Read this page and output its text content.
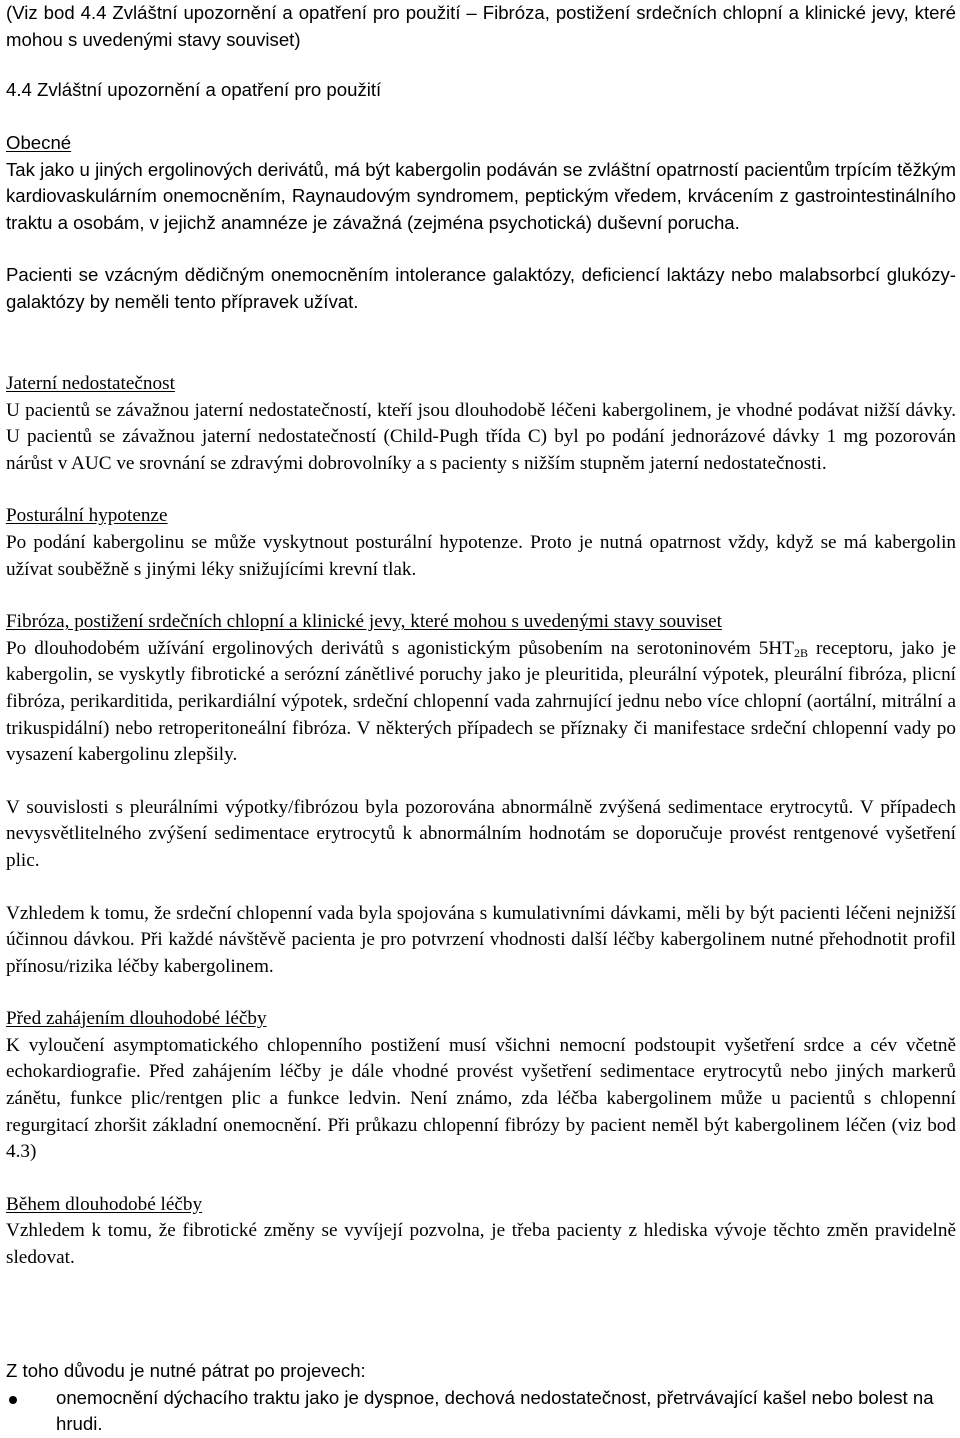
(Viz bod 4.4 Zvláštní upozornění a opatření pro použití – Fibróza, postižení srdečních chlopní a klinické jevy, které mohou s uvedenými stavy souviset)

4.4 Zvláštní upozornění a opatření pro použití

Obecné

Tak jako u jiných ergolinových derivátů, má být kabergolin podáván se zvláštní opatrností pacientům trpícím těžkým kardiovaskulárním onemocněním, Raynaudovým syndromem, peptickým vředem, krvácením z gastrointestinálního traktu a osobám, v jejichž anamnéze je závažná (zejména psychotická) duševní porucha.

Pacienti se vzácným dědičným onemocněním intolerance galaktózy, deficiencí laktázy nebo malabsorbcí glukózy-galaktózy by neměli tento přípravek užívat.

Jaterní nedostatečnost

U pacientů se závažnou jaterní nedostatečností, kteří jsou dlouhodobě léčeni kabergolinem, je vhodné podávat nižší dávky. U pacientů se závažnou jaterní nedostatečností (Child-Pugh třída C) byl po podání jednorázové dávky 1 mg pozorován nárůst v AUC ve srovnání se zdravými dobrovolníky a s pacienty s nižším stupněm jaterní nedostatečnosti.

Posturální hypotenze

Po podání kabergolinu se může vyskytnout posturální hypotenze. Proto je nutná opatrnost vždy, když se má kabergolin užívat souběžně s jinými léky snižujícími krevní tlak.

Fibróza, postižení srdečních chlopní a klinické jevy, které mohou s uvedenými stavy souviset

Po dlouhodobém užívání ergolinových derivátů s agonistickým působením na serotoninovém $5HT_{2B}$ receptoru, jako je kabergolin, se vyskytly fibrotické a serózní zánětlivé poruchy jako je pleuritida, pleurální výpotek, pleurální fibróza, plicní fibróza, perikarditida, perikardiální výpotek, srdeční chlopenní vada zahrnující jednu nebo více chlopní (aortální, mitrální a trikuspidální) nebo retroperitoneální fibróza. V některých případech se příznaky či manifestace srdeční chlopenní vady po vysazení kabergolinu zlepšily.

V souvislosti s pleurálními výpotky/fibrózou byla pozorována abnormálně zvýšená sedimentace erytrocytů. V případech nevysvětlitelného zvýšení sedimentace erytrocytů k abnormálním hodnotám se doporučuje provést rentgenové vyšetření plic.

Vzhledem k tomu, že srdeční chlopenní vada byla spojována s kumulativními dávkami, měli by být pacienti léčeni nejnižší účinnou dávkou. Při každé návštěvě pacienta je pro potvrzení vhodnosti další léčby kabergolinem nutné přehodnotit profil přínosu/rizika léčby kabergolinem.

Před zahájením dlouhodobé léčby

K vyloučení asymptomatického chlopenního postižení musí všichni nemocní podstoupit vyšetření srdce a cév včetně echokardiografie. Před zahájením léčby je dále vhodné provést vyšetření sedimentace erytrocytů nebo jiných markerů zánětu, funkce plic/rentgen plic a funkce ledvin. Není známo, zda léčba kabergolinem může u pacientů s chlopenní regurgitací zhoršit základní onemocnění. Při průkazu chlopenní fibrózy by pacient neměl být kabergolinem léčen (viz bod 4.3)

Během dlouhodobé léčby

Vzhledem k tomu, že fibrotické změny se vyvíjejí pozvolna, je třeba pacienty z hlediska vývoje těchto změn pravidelně sledovat.

Z toho důvodu je nutné pátrat po projevech:

onemocnění dýchacího traktu jako je dyspnoe, dechová nedostatečnost, přetrvávající kašel nebo bolest na hrudi.
